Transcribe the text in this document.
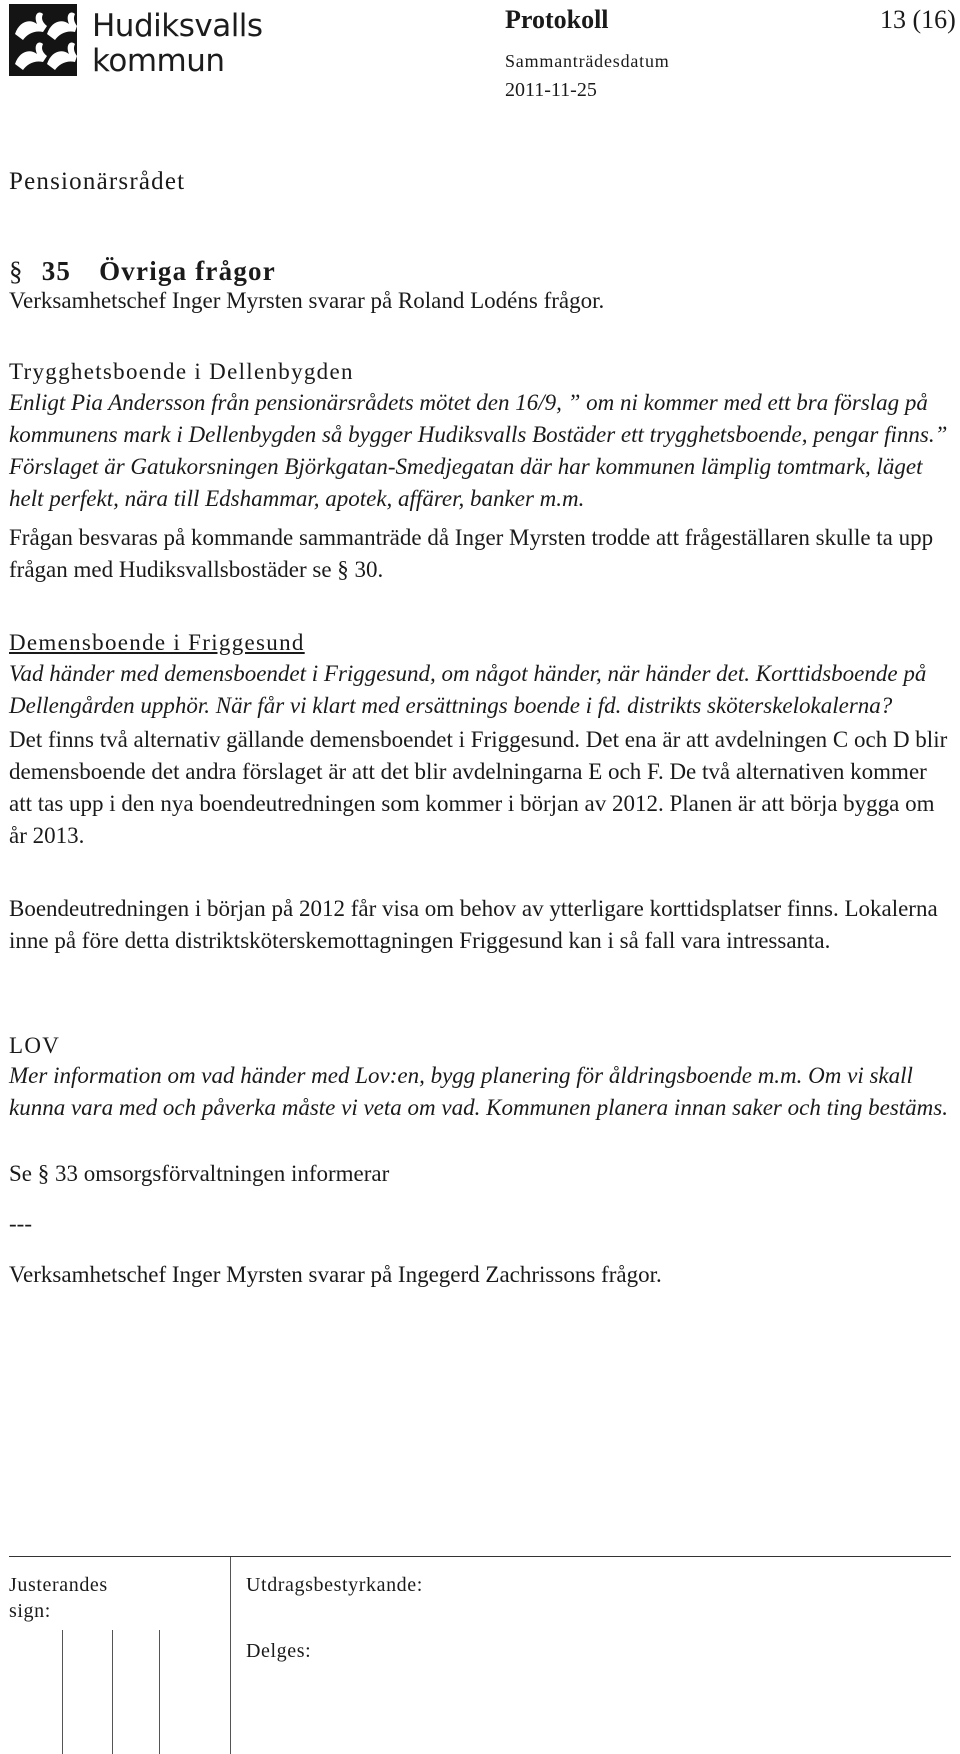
Hudiksvalls
kommun
Protokoll	13 (16)
Sammanträdesdatum
2011-11-25
Pensionärsrådet
§ 35 Övriga frågor
Verksamhetschef Inger Myrsten svarar på Roland Lodéns frågor.
Trygghetsboende i Dellenbygden
Enligt Pia Andersson från pensionärsrådets mötet den 16/9, ” om ni kommer med ett bra förslag på kommunens mark i Dellenbygden så bygger Hudiksvalls Bostäder ett trygghetsboende, pengar finns.” Förslaget är Gatukorsningen Björkgatan-Smedjegatan där har kommunen lämplig tomtmark, läget helt perfekt, nära till Edshammar, apotek, affärer, banker m.m.
Frågan besvaras på kommande sammanträde då Inger Myrsten trodde att frågeställaren skulle ta upp frågan med Hudiksvallsbostäder se § 30.
Demensboende i Friggesund
Vad händer med demensboendet i Friggesund, om något händer, när händer det. Korttidsboende på Dellengården upphör. När får vi klart med ersättnings boende i fd. distrikts sköterskelokalerna?
Det finns två alternativ gällande demensboendet i Friggesund. Det ena är att avdelningen C och D blir demensboende det andra förslaget är att det blir avdelningarna E och F. De två alternativen kommer att tas upp i den nya boendeutredningen som kommer i början av 2012. Planen är att börja bygga om år 2013.
Boendeutredningen i början på 2012 får visa om behov av ytterligare korttidsplatser finns. Lokalerna inne på före detta distriktsköterskemottagningen Friggesund kan i så fall vara intressanta.
LOV
Mer information om vad händer med Lov:en, bygg planering för åldringsboende m.m. Om vi skall kunna vara med och påverka måste vi veta om vad. Kommunen planera innan saker och ting bestäms.
Se § 33 omsorgsförvaltningen informerar
---
Verksamhetschef Inger Myrsten svarar på Ingegerd Zachrissons frågor.
Justerandes sign:
Utdragsbestyrkande:
Delges:
